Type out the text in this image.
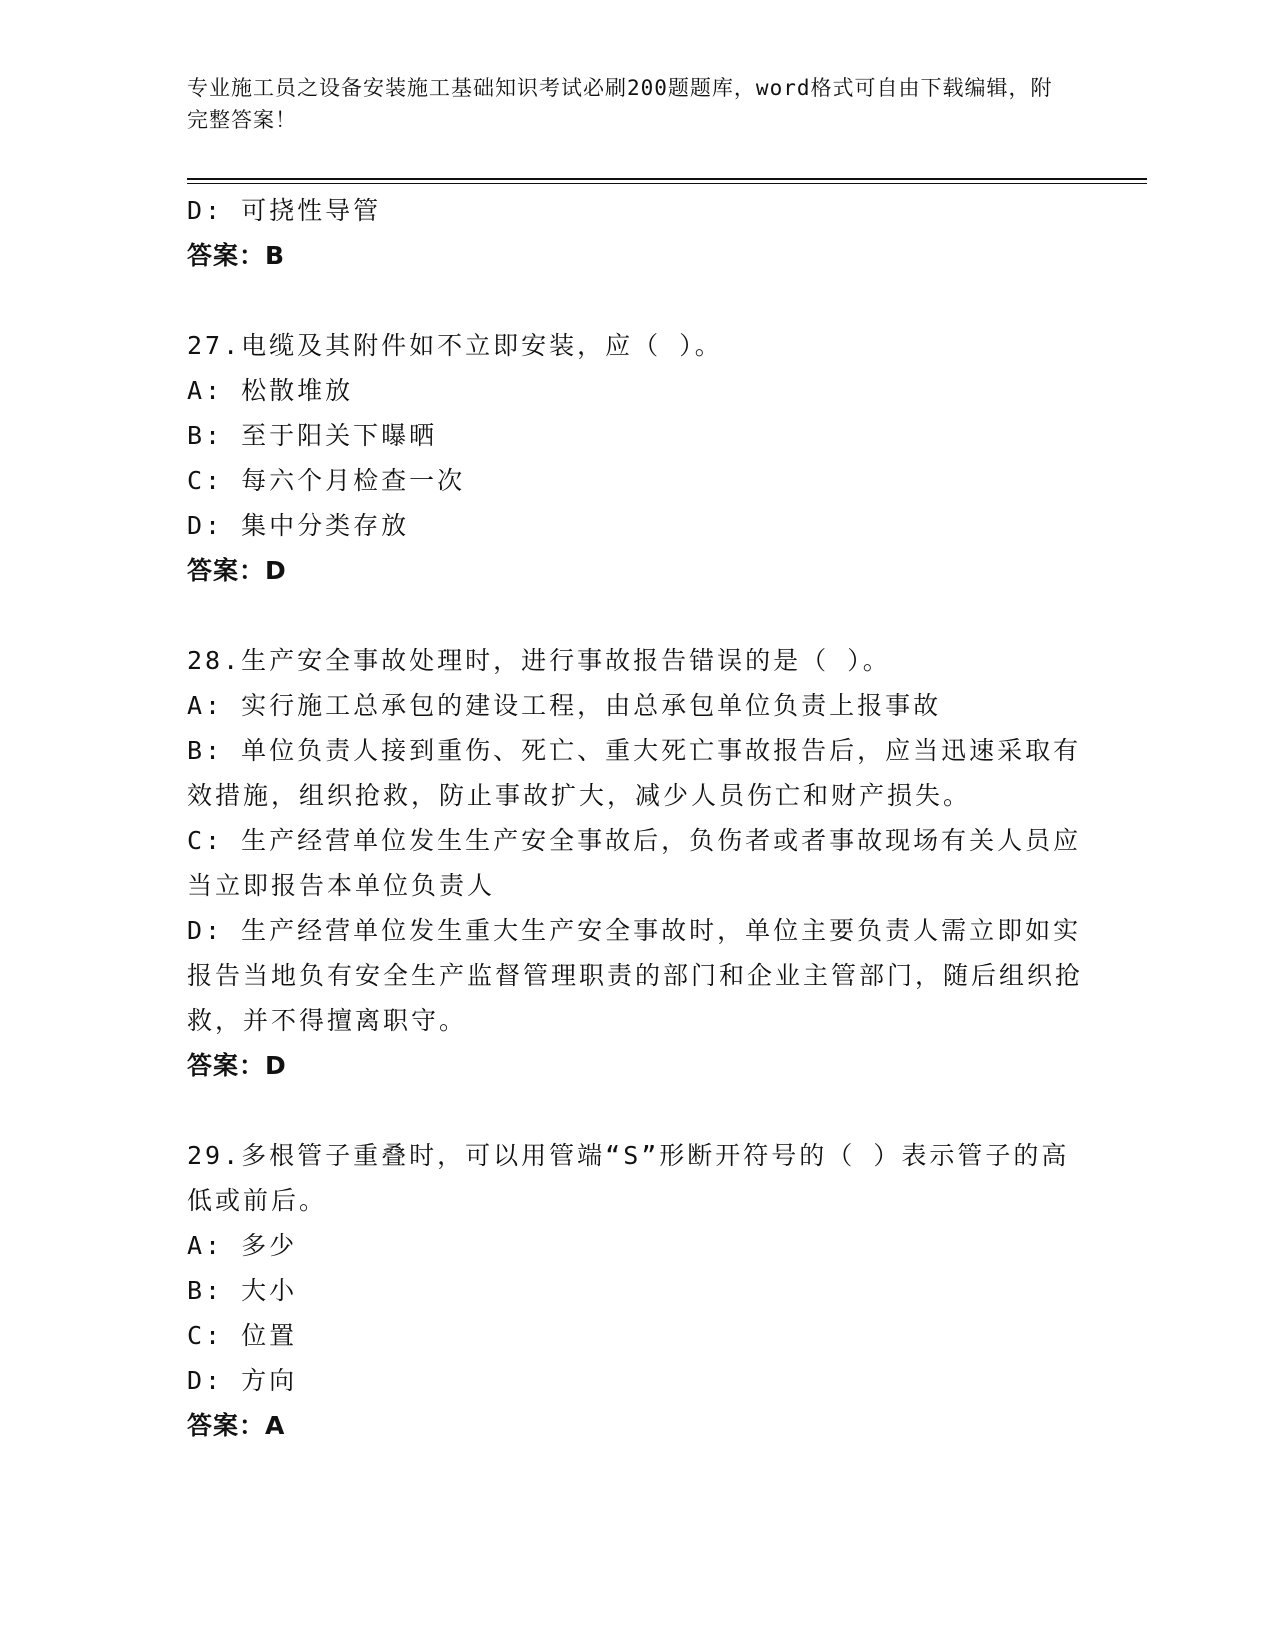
专业施工员之设备安装施工基础知识考试必刷200题题库，word格式可自由下载编辑，附完整答案！
D: 可挠性导管
答案：B
27.电缆及其附件如不立即安装，应（ ）。
A: 松散堆放
B: 至于阳关下曝晒
C: 每六个月检查一次
D: 集中分类存放
答案：D
28.生产安全事故处理时，进行事故报告错误的是（ ）。
A: 实行施工总承包的建设工程，由总承包单位负责上报事故
B: 单位负责人接到重伤、死亡、重大死亡事故报告后，应当迅速采取有效措施，组织抢救，防止事故扩大，减少人员伤亡和财产损失。
C: 生产经营单位发生生产安全事故后，负伤者或者事故现场有关人员应当立即报告本单位负责人
D: 生产经营单位发生重大生产安全事故时，单位主要负责人需立即如实报告当地负有安全生产监督管理职责的部门和企业主管部门，随后组织抢救，并不得擅离职守。
答案：D
29.多根管子重叠时，可以用管端“S”形断开符号的（ ）表示管子的高低或前后。
A: 多少
B: 大小
C: 位置
D: 方向
答案：A
